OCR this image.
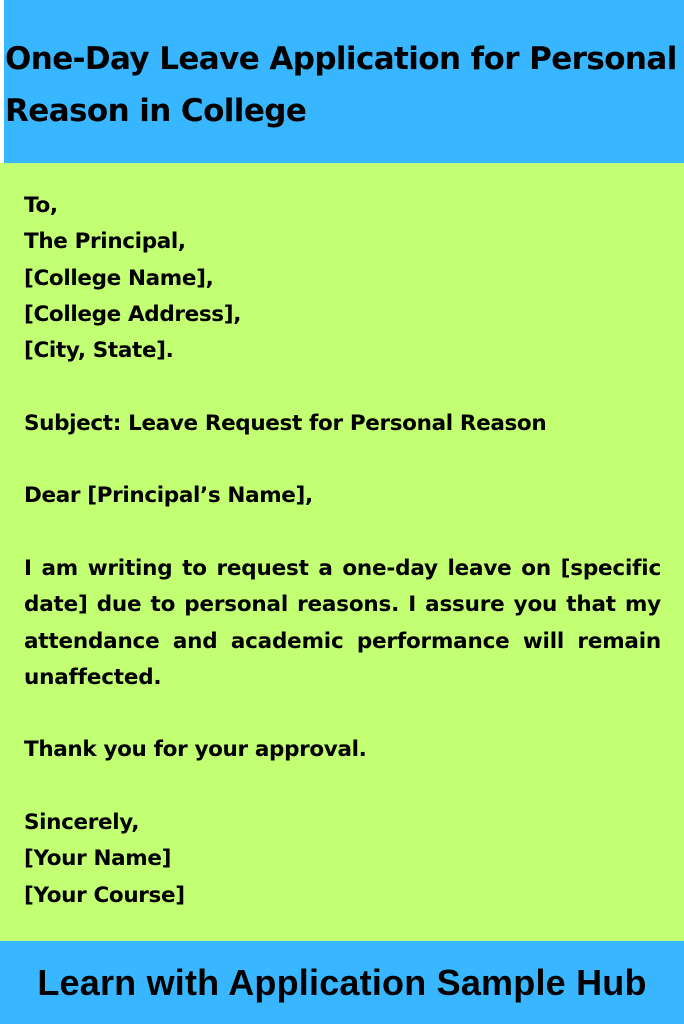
One-Day Leave Application for Personal
Reason in College

To,

The Principal,

[College Name],

[College Address],

[City, State].

Subject: Leave Request for Personal Reason

Dear [Principal’s Name],

I am writing to request a one-day leave on [specific date] due to personal reasons. I assure you that my attendance and academic performance will remain unaffected.

Thank you for your approval.

Sincerely,

[Your Name]

[Your Course]

Learn with Application Sample Hub
